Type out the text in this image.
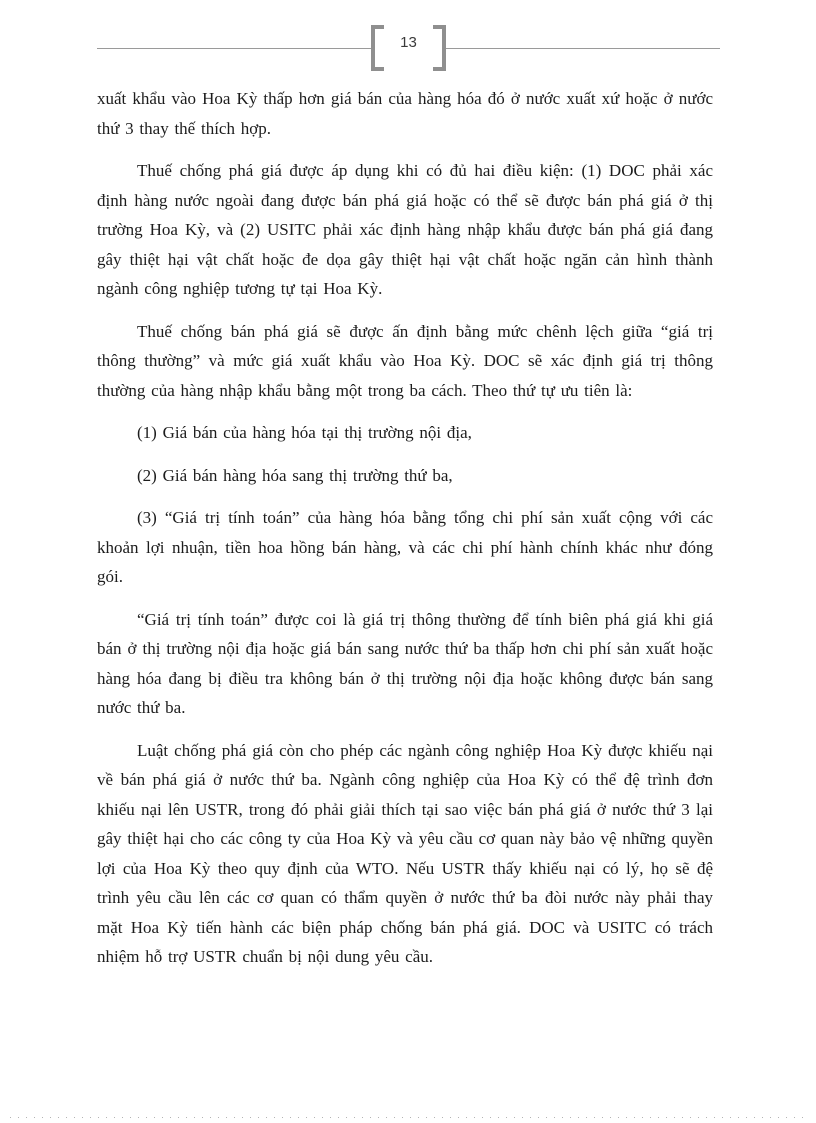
13

xuất khẩu vào Hoa Kỳ thấp hơn giá bán của hàng hóa đó ở nước xuất xứ hoặc ở nước thứ 3 thay thế thích hợp.

Thuế chống phá giá được áp dụng khi có đủ hai điều kiện: (1) DOC phải xác định hàng nước ngoài đang được bán phá giá hoặc có thể sẽ được bán phá giá ở thị trường Hoa Kỳ, và (2) USITC phải xác định hàng nhập khẩu được bán phá giá đang gây thiệt hại vật chất hoặc đe dọa gây thiệt hại vật chất hoặc ngăn cản hình thành ngành công nghiệp tương tự tại Hoa Kỳ.

Thuế chống bán phá giá sẽ được ấn định bằng mức chênh lệch giữa “giá trị thông thường” và mức giá xuất khẩu vào Hoa Kỳ. DOC sẽ xác định giá trị thông thường của hàng nhập khẩu bằng một trong ba cách. Theo thứ tự ưu tiên là:

(1) Giá bán của hàng hóa tại thị trường nội địa,

(2) Giá bán hàng hóa sang thị trường thứ ba,

(3) “Giá trị tính toán” của hàng hóa bằng tổng chi phí sản xuất cộng với các khoản lợi nhuận, tiền hoa hồng bán hàng, và các chi phí hành chính khác như đóng gói.

“Giá trị tính toán” được coi là giá trị thông thường để tính biên phá giá khi giá bán ở thị trường nội địa hoặc giá bán sang nước thứ ba thấp hơn chi phí sản xuất hoặc hàng hóa đang bị điều tra không bán ở thị trường nội địa hoặc không được bán sang nước thứ ba.

Luật chống phá giá còn cho phép các ngành công nghiệp Hoa Kỳ được khiếu nại về bán phá giá ở nước thứ ba. Ngành công nghiệp của Hoa Kỳ có thể đệ trình đơn khiếu nại lên USTR, trong đó phải giải thích tại sao việc bán phá giá ở nước thứ 3 lại gây thiệt hại cho các công ty của Hoa Kỳ và yêu cầu cơ quan này bảo vệ những quyền lợi của Hoa Kỳ theo quy định của WTO. Nếu USTR thấy khiếu nại có lý, họ sẽ đệ trình yêu cầu lên các cơ quan có thẩm quyền ở nước thứ ba đòi nước này phải thay mặt Hoa Kỳ tiến hành các biện pháp chống bán phá giá. DOC và USITC có trách nhiệm hỗ trợ USTR chuẩn bị nội dung yêu cầu.
